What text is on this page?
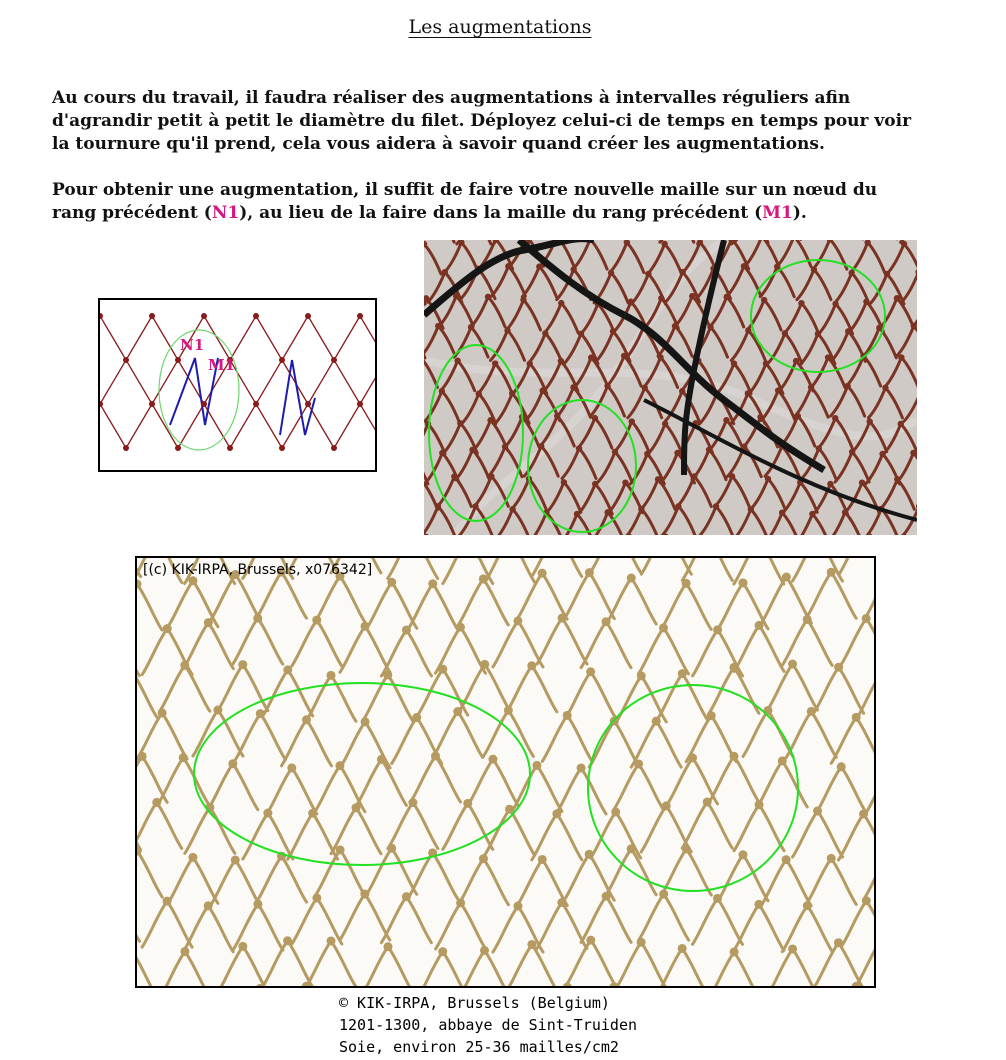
Les augmentations
Au cours du travail, il faudra réaliser des augmentations à intervalles réguliers afin d'agrandir petit à petit le diamètre du filet. Déployez celui-ci de temps en temps pour voir la tournure qu'il prend, cela vous aidera à savoir quand créer les augmentations.
Pour obtenir une augmentation, il suffit de faire votre nouvelle maille sur un nœud du rang précédent (N1), au lieu de la faire dans la maille du rang précédent (M1).
N1
M1
[(c) KIK-IRPA, Brussels, x076342]
© KIK-IRPA, Brussels (Belgium)
1201-1300, abbaye de Sint-Truiden
Soie, environ 25-36 mailles/cm2
